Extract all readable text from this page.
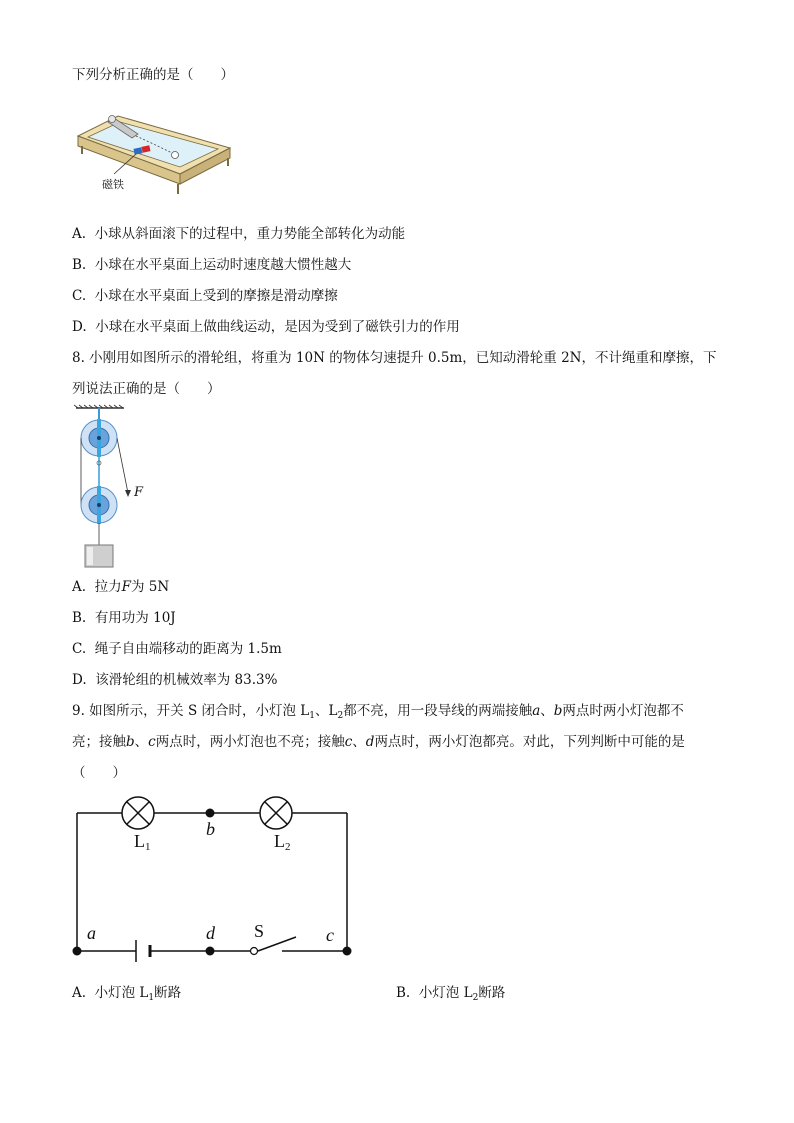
下列分析正确的是（　　）
磁铁
A. 小球从斜面滚下的过程中，重力势能全部转化为动能
B. 小球在水平桌面上运动时速度越大惯性越大
C. 小球在水平桌面上受到的摩擦是滑动摩擦
D. 小球在水平桌面上做曲线运动，是因为受到了磁铁引力的作用
8. 小刚用如图所示的滑轮组，将重为 10N 的物体匀速提升 0.5m，已知动滑轮重 2N，不计绳重和摩擦，下
列说法正确的是（　　）
F
A. 拉力F为 5N
B. 有用功为 10J
C. 绳子自由端移动的距离为 1.5m
D. 该滑轮组的机械效率为 83.3%
9. 如图所示，开关 S 闭合时，小灯泡 $L_1$、$L_2$都不亮，用一段导线的两端接触a、b两点时两小灯泡都不
亮；接触b、c两点时，两小灯泡也不亮；接触c、d两点时，两小灯泡都亮。对此，下列判断中可能的是
（　　）
b
$L_1$	$L_2$
a	d S	c
A. 小灯泡 $L_1$断路	B. 小灯泡 $L_2$断路
